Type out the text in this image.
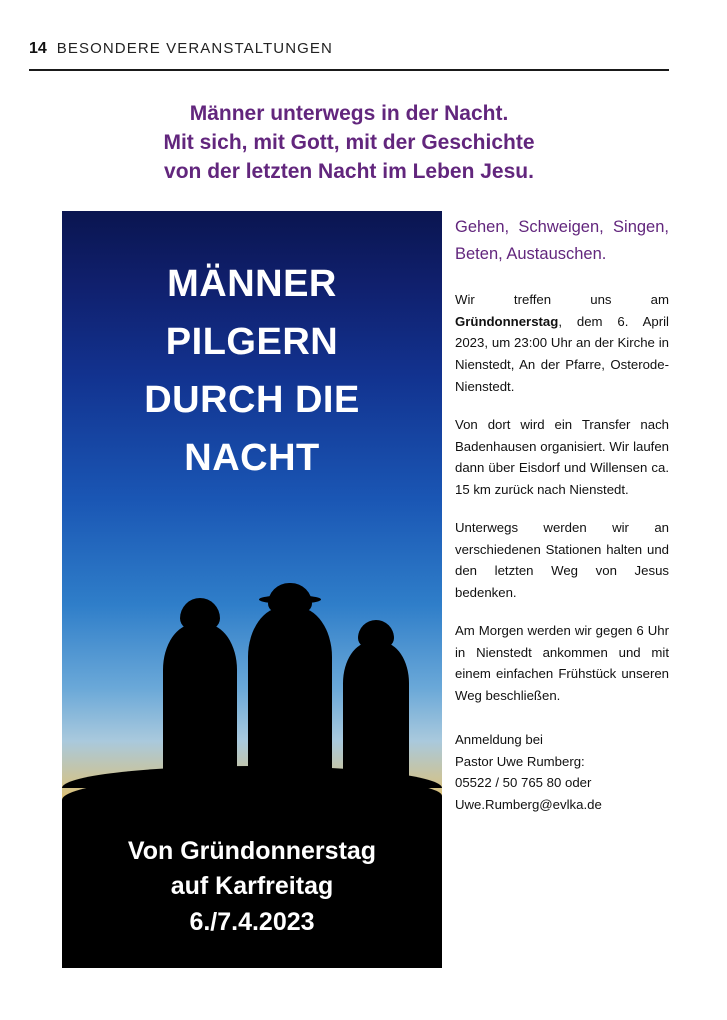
14 BESONDERE VERANSTALTUNGEN
Männer unterwegs in der Nacht.
Mit sich, mit Gott, mit der Geschichte
von der letzten Nacht im Leben Jesu.
MÄNNER
PILGERN
DURCH DIE
NACHT
Von Gründonnerstag
auf Karfreitag
6./7.4.2023

Gehen, Schweigen, Singen, Beten, Austauschen.

Wir treffen uns am Gründonnerstag, dem 6. April 2023, um 23:00 Uhr an der Kirche in Nienstedt, An der Pfarre, Osterode-Nienstedt.

Von dort wird ein Transfer nach Badenhausen organisiert. Wir laufen dann über Eisdorf und Willensen ca. 15 km zurück nach Nienstedt.

Unterwegs werden wir an verschiedenen Stationen halten und den letzten Weg von Jesus bedenken.

Am Morgen werden wir gegen 6 Uhr in Nienstedt ankommen und mit einem einfachen Frühstück unseren Weg beschließen.

Anmeldung bei
Pastor Uwe Rumberg:
05522 / 50 765 80 oder
Uwe.Rumberg@evlka.de
